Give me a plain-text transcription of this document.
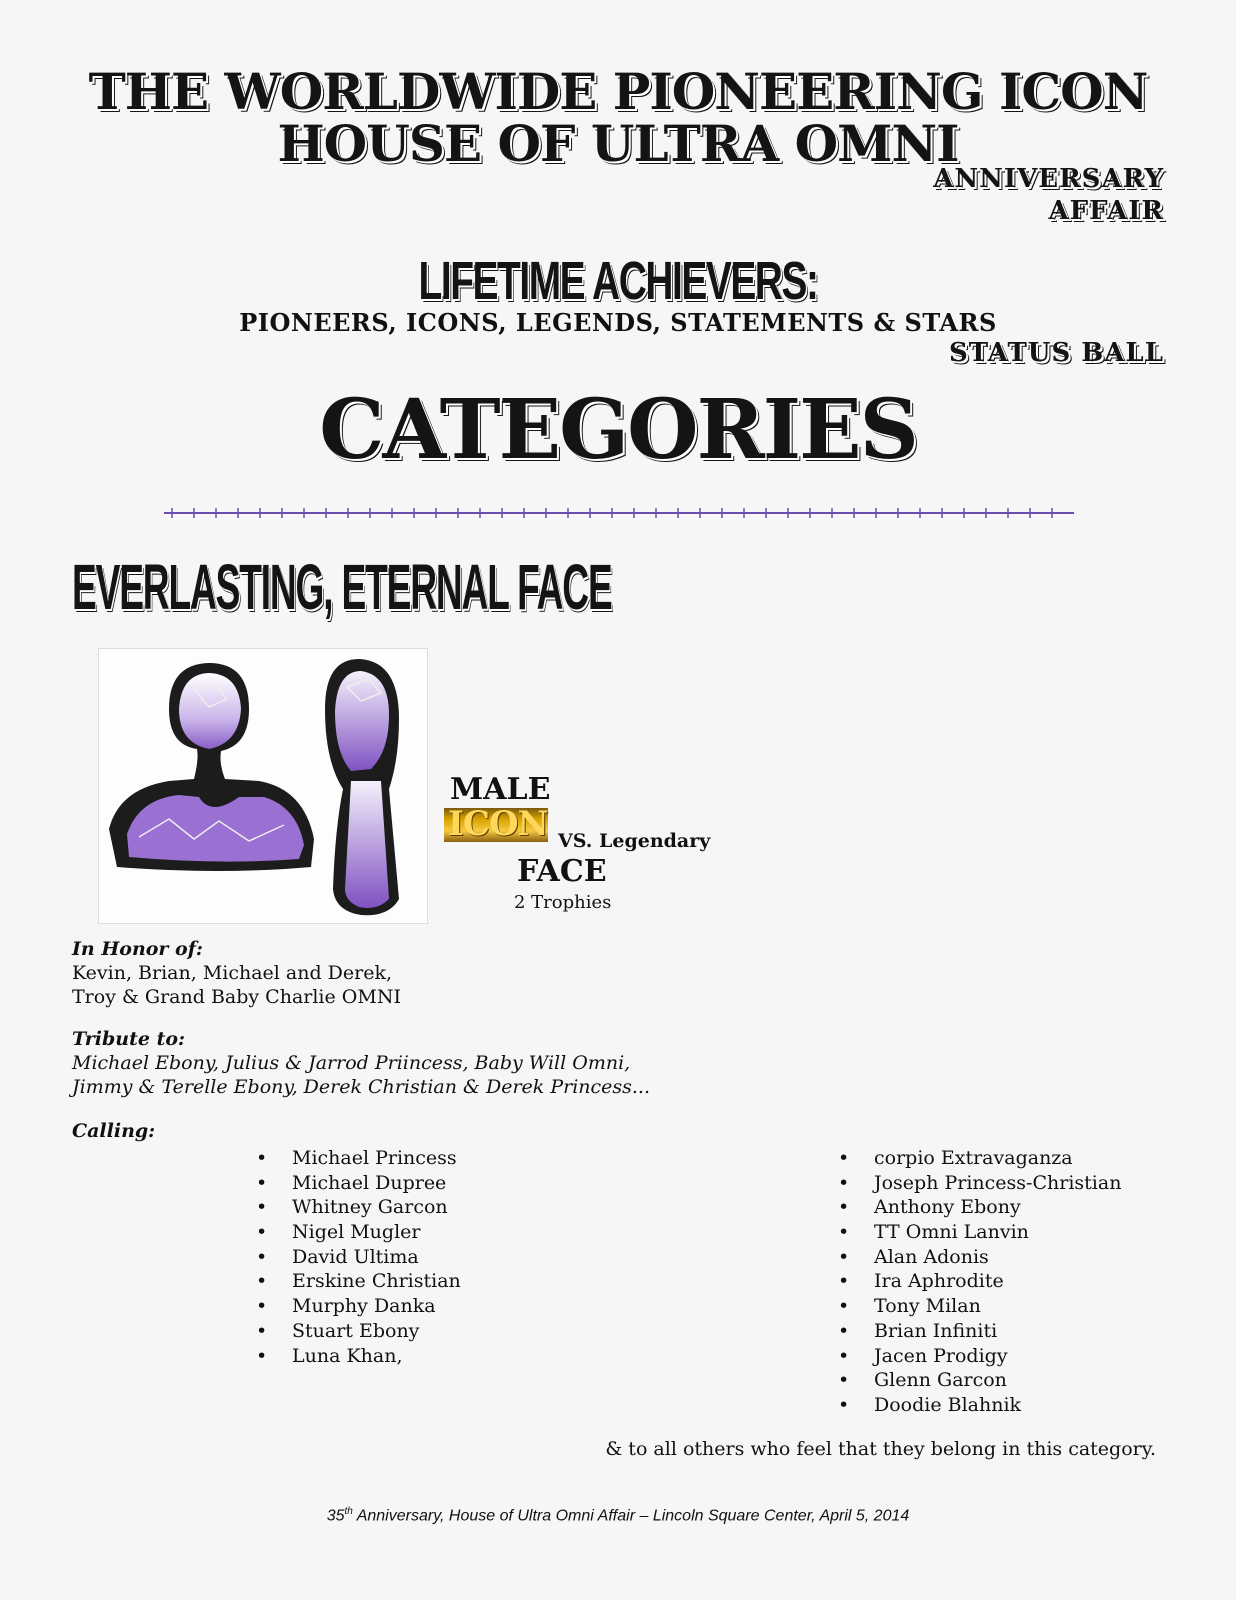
THE WORLDWIDE PIONEERING ICON
HOUSE OF ULTRA OMNI
ANNIVERSARY
AFFAIR
LIFETIME ACHIEVERS:
PIONEERS, ICONS, LEGENDS, STATEMENTS & STARS
STATUS BALL
CATEGORIES
EVERLASTING, ETERNAL FACE
MALE
ICON VS. Legendary
FACE
2 Trophies
In Honor of:
Kevin, Brian, Michael and Derek,
Troy & Grand Baby Charlie OMNI
Tribute to:
Michael Ebony, Julius & Jarrod Priincess, Baby Will Omni,
Jimmy & Terelle Ebony, Derek Christian & Derek Princess...
Calling:
• Michael Princess
• Michael Dupree
• Whitney Garcon
• Nigel Mugler
• David Ultima
• Erskine Christian
• Murphy Danka
• Stuart Ebony
• Luna Khan,
• corpio Extravaganza
• Joseph Princess-Christian
• Anthony Ebony
• TT Omni Lanvin
• Alan Adonis
• Ira Aphrodite
• Tony Milan
• Brian Infiniti
• Jacen Prodigy
• Glenn Garcon
• Doodie Blahnik
& to all others who feel that they belong in this category.
35th Anniversary, House of Ultra Omni Affair – Lincoln Square Center, April 5, 2014
